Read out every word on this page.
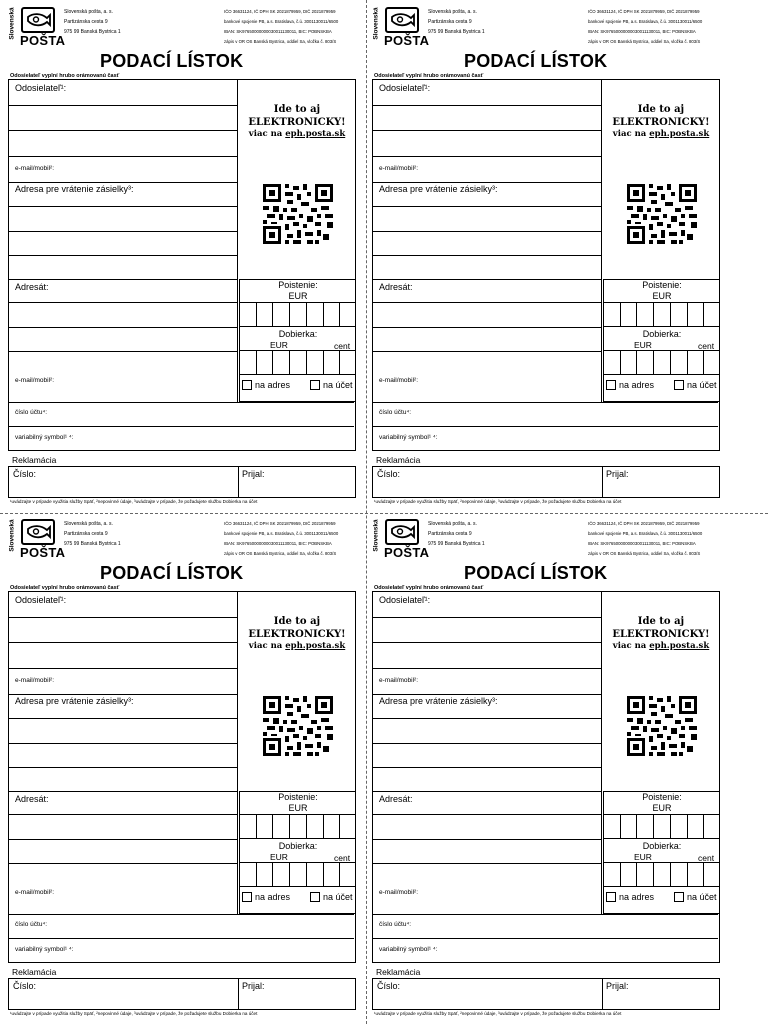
Slovenská
POŠTA
Slovenská pošta, a. s.
Partizánska cesta 9
975 99 Banská Bystrica 1
IČO 36631124, IČ DPH SK 2021879959, DIČ 2021879959
bankové spojenie PB, a.s. Bratislava, č.ú. 3001130011/6500
IBAN: SK97650000000030011130011, BIC: POBNSKBA
zápis v OR OS Banská Bystrica, oddiel Sa, vložka č. 803/S
PODACÍ LÍSTOK
Odosielateľ vyplní hrubo orámovanú časť
Odosielateľ¹:
e-mail/mobil²:
Adresa pre vrátenie zásielky³:
Adresát:
e-mail/mobil²:
Ide to aj
ELEKTRONICKY!
viac na eph.posta.sk
Poistenie:
EUR
Dobierka:
EUR	cent
na adres	na účet
číslo účtu⁴:
variabilný symbol¹ ⁴:
Reklamácia
Číslo:	Prijal:
¹uvádzajte v prípade využitia služby Späť, ²nepovinné údaje, ³uvádzajte v prípade, že požadujete službu Dobierka na účet
Slovenská
POŠTA
Slovenská pošta, a. s.
Partizánska cesta 9
975 99 Banská Bystrica 1
IČO 36631124, IČ DPH SK 2021879959, DIČ 2021879959
bankové spojenie PB, a.s. Bratislava, č.ú. 3001130011/6500
IBAN: SK97650000000030011130011, BIC: POBNSKBA
zápis v OR OS Banská Bystrica, oddiel Sa, vložka č. 803/S
PODACÍ LÍSTOK
Odosielateľ vyplní hrubo orámovanú časť
Odosielateľ¹:
e-mail/mobil²:
Adresa pre vrátenie zásielky³:
Adresát:
e-mail/mobil²:
Ide to aj
ELEKTRONICKY!
viac na eph.posta.sk
Poistenie:
EUR
Dobierka:
EUR	cent
na adres	na účet
číslo účtu⁴:
variabilný symbol¹ ⁴:
Reklamácia
Číslo:	Prijal:
¹uvádzajte v prípade využitia služby Späť, ²nepovinné údaje, ³uvádzajte v prípade, že požadujete službu Dobierka na účet
Slovenská
POŠTA
Slovenská pošta, a. s.
Partizánska cesta 9
975 99 Banská Bystrica 1
IČO 36631124, IČ DPH SK 2021879959, DIČ 2021879959
bankové spojenie PB, a.s. Bratislava, č.ú. 3001130011/6500
IBAN: SK97650000000030011130011, BIC: POBNSKBA
zápis v OR OS Banská Bystrica, oddiel Sa, vložka č. 803/S
PODACÍ LÍSTOK
Odosielateľ vyplní hrubo orámovanú časť
Odosielateľ¹:
e-mail/mobil²:
Adresa pre vrátenie zásielky³:
Adresát:
e-mail/mobil²:
Ide to aj
ELEKTRONICKY!
viac na eph.posta.sk
Poistenie:
EUR
Dobierka:
EUR	cent
na adres	na účet
číslo účtu⁴:
variabilný symbol¹ ⁴:
Reklamácia
Číslo:	Prijal:
¹uvádzajte v prípade využitia služby Späť, ²nepovinné údaje, ³uvádzajte v prípade, že požadujete službu Dobierka na účet
Slovenská
POŠTA
Slovenská pošta, a. s.
Partizánska cesta 9
975 99 Banská Bystrica 1
IČO 36631124, IČ DPH SK 2021879959, DIČ 2021879959
bankové spojenie PB, a.s. Bratislava, č.ú. 3001130011/6500
IBAN: SK97650000000030011130011, BIC: POBNSKBA
zápis v OR OS Banská Bystrica, oddiel Sa, vložka č. 803/S
PODACÍ LÍSTOK
Odosielateľ vyplní hrubo orámovanú časť
Odosielateľ¹:
e-mail/mobil²:
Adresa pre vrátenie zásielky³:
Adresát:
e-mail/mobil²:
Ide to aj
ELEKTRONICKY!
viac na eph.posta.sk
Poistenie:
EUR
Dobierka:
EUR	cent
na adres	na účet
číslo účtu⁴:
variabilný symbol¹ ⁴:
Reklamácia
Číslo:	Prijal:
¹uvádzajte v prípade využitia služby Späť, ²nepovinné údaje, ³uvádzajte v prípade, že požadujete službu Dobierka na účet
